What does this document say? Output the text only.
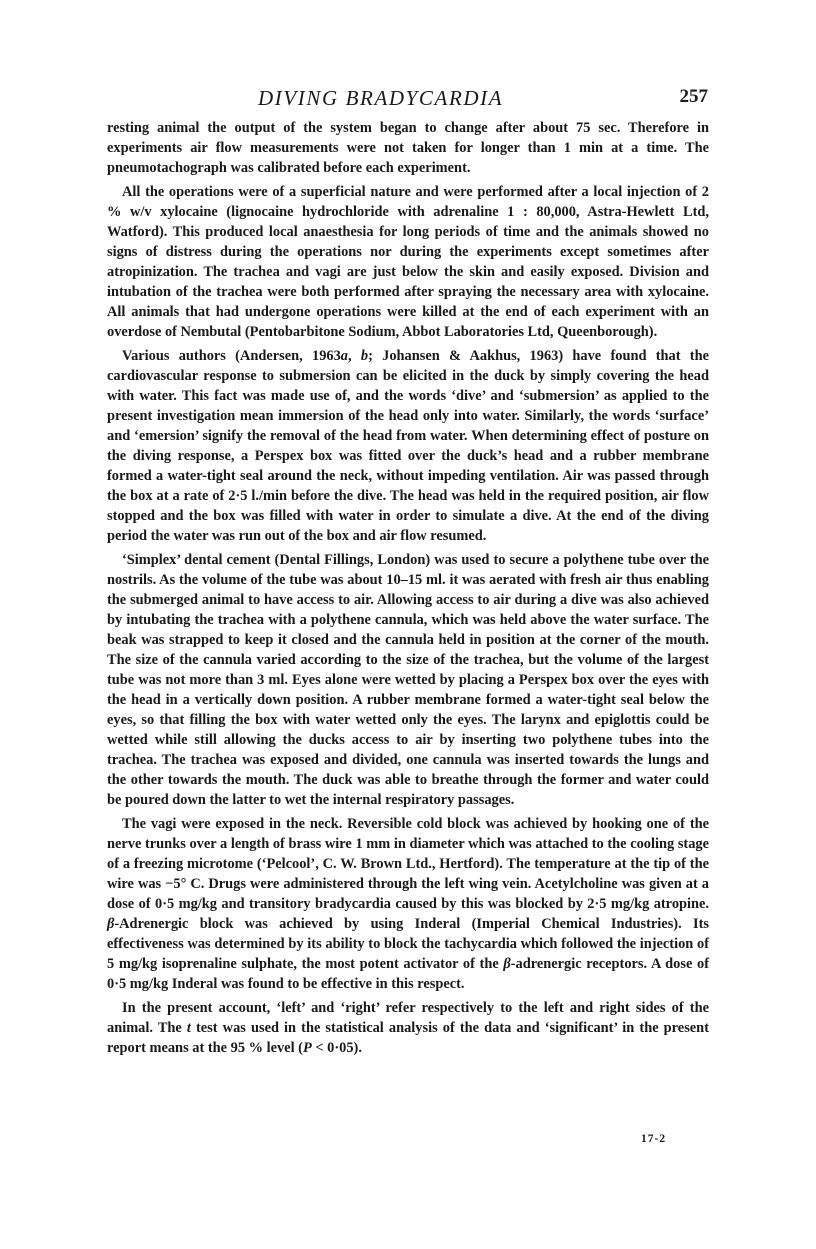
DIVING BRADYCARDIA	257

resting animal the output of the system began to change after about 75 sec. Therefore in experiments air flow measurements were not taken for longer than 1 min at a time. The pneumotachograph was calibrated before each experiment.

All the operations were of a superficial nature and were performed after a local injection of 2 % w/v xylocaine (lignocaine hydrochloride with adrenaline 1 : 80,000, Astra-Hewlett Ltd, Watford). This produced local anaesthesia for long periods of time and the animals showed no signs of distress during the operations nor during the experiments except sometimes after atropinization. The trachea and vagi are just below the skin and easily exposed. Division and intubation of the trachea were both performed after spraying the necessary area with xylocaine. All animals that had undergone operations were killed at the end of each experiment with an overdose of Nembutal (Pentobarbitone Sodium, Abbot Laboratories Ltd, Queenborough).

Various authors (Andersen, 1963a, b; Johansen & Aakhus, 1963) have found that the cardiovascular response to submersion can be elicited in the duck by simply covering the head with water. This fact was made use of, and the words ‘dive’ and ‘submersion’ as applied to the present investigation mean immersion of the head only into water. Similarly, the words ‘surface’ and ‘emersion’ signify the removal of the head from water. When determining effect of posture on the diving response, a Perspex box was fitted over the duck’s head and a rubber membrane formed a water-tight seal around the neck, without impeding ventilation. Air was passed through the box at a rate of 2·5 l./min before the dive. The head was held in the required position, air flow stopped and the box was filled with water in order to simulate a dive. At the end of the diving period the water was run out of the box and air flow resumed.

‘Simplex’ dental cement (Dental Fillings, London) was used to secure a polythene tube over the nostrils. As the volume of the tube was about 10–15 ml. it was aerated with fresh air thus enabling the submerged animal to have access to air. Allowing access to air during a dive was also achieved by intubating the trachea with a polythene cannula, which was held above the water surface. The beak was strapped to keep it closed and the cannula held in position at the corner of the mouth. The size of the cannula varied according to the size of the trachea, but the volume of the largest tube was not more than 3 ml. Eyes alone were wetted by placing a Perspex box over the eyes with the head in a vertically down position. A rubber membrane formed a water-tight seal below the eyes, so that filling the box with water wetted only the eyes. The larynx and epiglottis could be wetted while still allowing the ducks access to air by inserting two polythene tubes into the trachea. The trachea was exposed and divided, one cannula was inserted towards the lungs and the other towards the mouth. The duck was able to breathe through the former and water could be poured down the latter to wet the internal respiratory passages.

The vagi were exposed in the neck. Reversible cold block was achieved by hooking one of the nerve trunks over a length of brass wire 1 mm in diameter which was attached to the cooling stage of a freezing microtome (‘Pelcool’, C. W. Brown Ltd., Hertford). The temperature at the tip of the wire was −5° C. Drugs were administered through the left wing vein. Acetylcholine was given at a dose of 0·5 mg/kg and transitory bradycardia caused by this was blocked by 2·5 mg/kg atropine. β-Adrenergic block was achieved by using Inderal (Imperial Chemical Industries). Its effectiveness was determined by its ability to block the tachycardia which followed the injection of 5 mg/kg isoprenaline sulphate, the most potent activator of the β-adrenergic receptors. A dose of 0·5 mg/kg Inderal was found to be effective in this respect.

In the present account, ‘left’ and ‘right’ refer respectively to the left and right sides of the animal. The t test was used in the statistical analysis of the data and ‘significant’ in the present report means at the 95 % level (P < 0·05).

17-2
